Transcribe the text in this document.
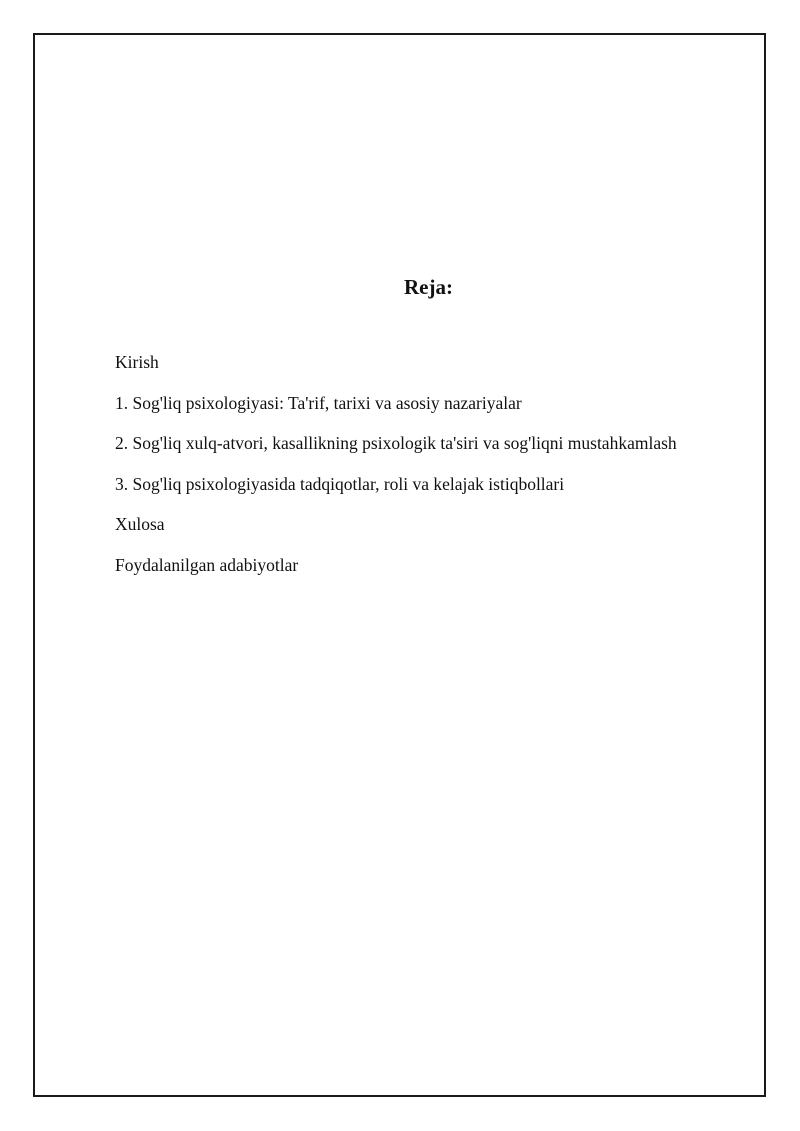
Reja:
Kirish
1. Sog'liq psixologiyasi: Ta'rif, tarixi va asosiy nazariyalar
2. Sog'liq xulq-atvori, kasallikning psixologik ta'siri va sog'liqni mustahkamlash
3. Sog'liq psixologiyasida tadqiqotlar, roli va kelajak istiqbollari
Xulosa
Foydalanilgan adabiyotlar
